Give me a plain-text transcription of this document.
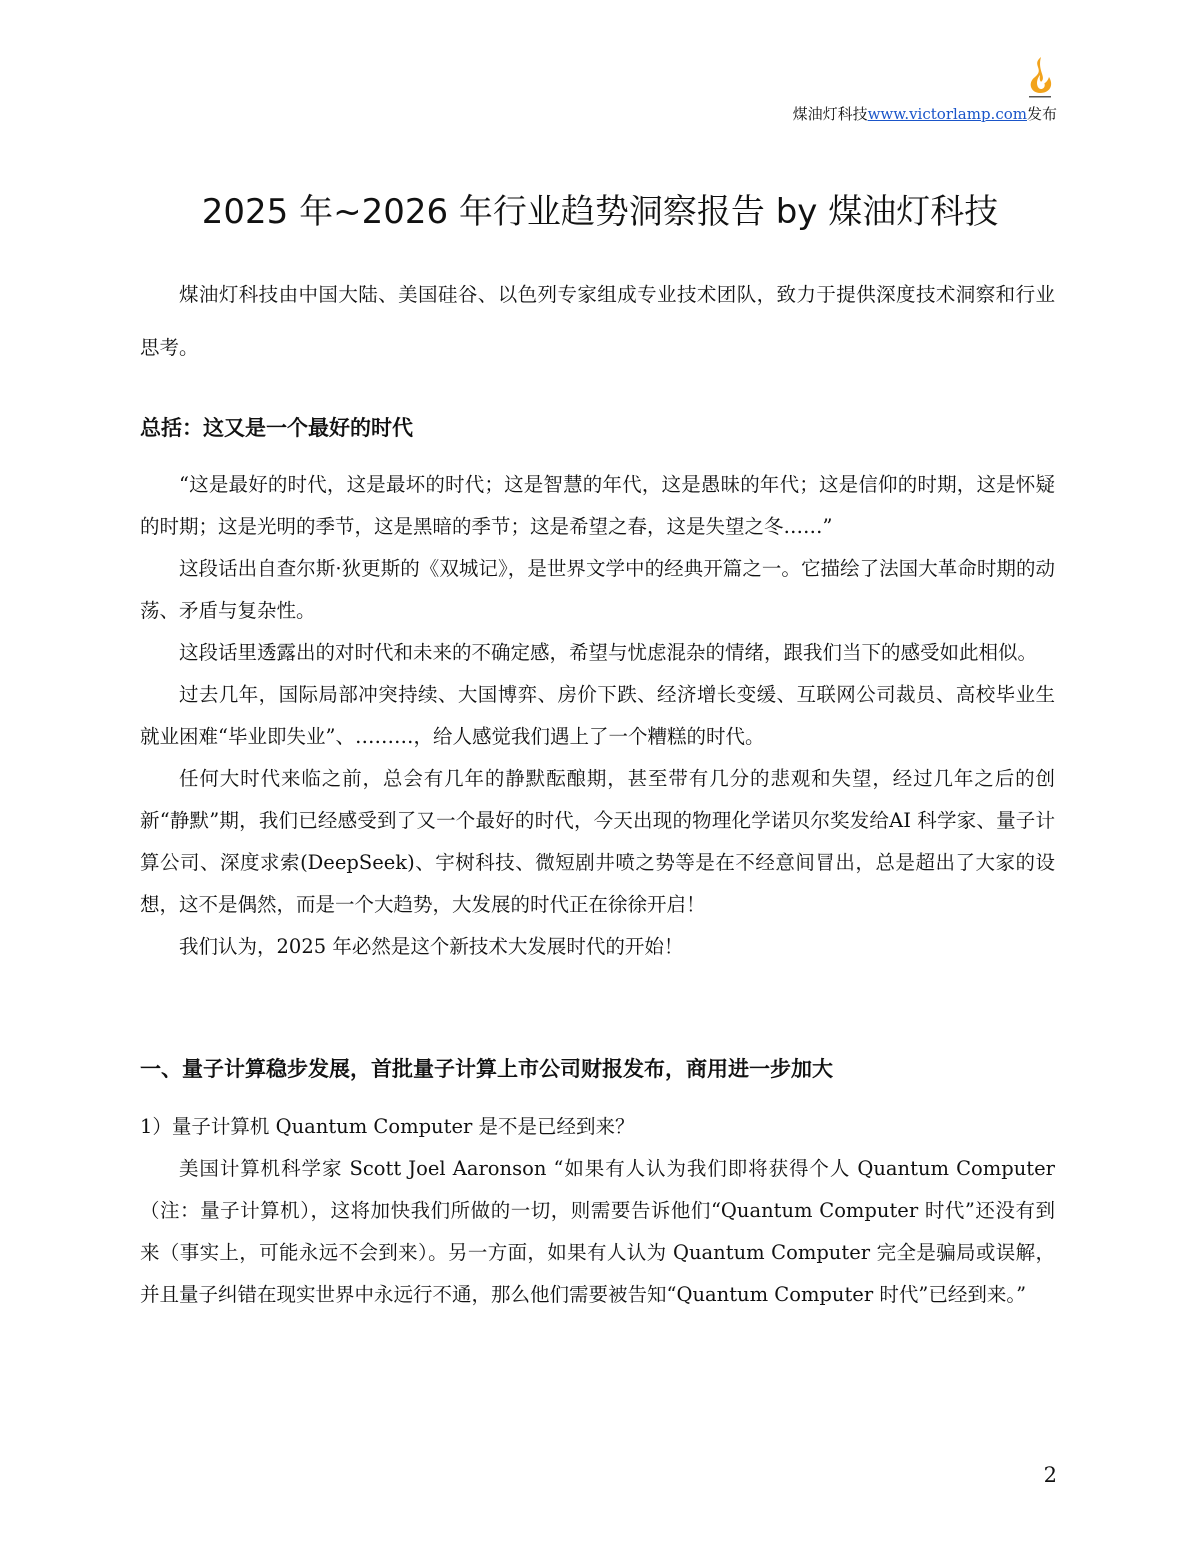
煤油灯科技www.victorlamp.com发布
2025 年~2026 年行业趋势洞察报告 by 煤油灯科技

煤油灯科技由中国大陆、美国硅谷、以色列专家组成专业技术团队，致力于提供深度技术洞察和行业思考。

总括：这又是一个最好的时代

“这是最好的时代，这是最坏的时代；这是智慧的年代，这是愚昧的年代；这是信仰的时期，这是怀疑的时期；这是光明的季节，这是黑暗的季节；这是希望之春，这是失望之冬……”

这段话出自查尔斯·狄更斯的《双城记》，是世界文学中的经典开篇之一。它描绘了法国大革命时期的动荡、矛盾与复杂性。

这段话里透露出的对时代和未来的不确定感，希望与忧虑混杂的情绪，跟我们当下的感受如此相似。

过去几年，国际局部冲突持续、大国博弈、房价下跌、经济增长变缓、互联网公司裁员、高校毕业生就业困难“毕业即失业”、………，给人感觉我们遇上了一个糟糕的时代。

任何大时代来临之前，总会有几年的静默酝酿期，甚至带有几分的悲观和失望，经过几年之后的创新“静默”期，我们已经感受到了又一个最好的时代，今天出现的物理化学诺贝尔奖发给AI 科学家、量子计算公司、深度求索(DeepSeek)、宇树科技、微短剧井喷之势等是在不经意间冒出，总是超出了大家的设想，这不是偶然，而是一个大趋势，大发展的时代正在徐徐开启！

我们认为，2025 年必然是这个新技术大发展时代的开始！

一、量子计算稳步发展，首批量子计算上市公司财报发布，商用进一步加大

1）量子计算机 Quantum Computer 是不是已经到来？

美国计算机科学家 Scott Joel Aaronson “如果有人认为我们即将获得个人 Quantum Computer（注：量子计算机），这将加快我们所做的一切，则需要告诉他们“Quantum Computer 时代”还没有到来（事实上，可能永远不会到来）。另一方面，如果有人认为 Quantum Computer 完全是骗局或误解，并且量子纠错在现实世界中永远行不通，那么他们需要被告知“Quantum Computer 时代”已经到来。”

2
